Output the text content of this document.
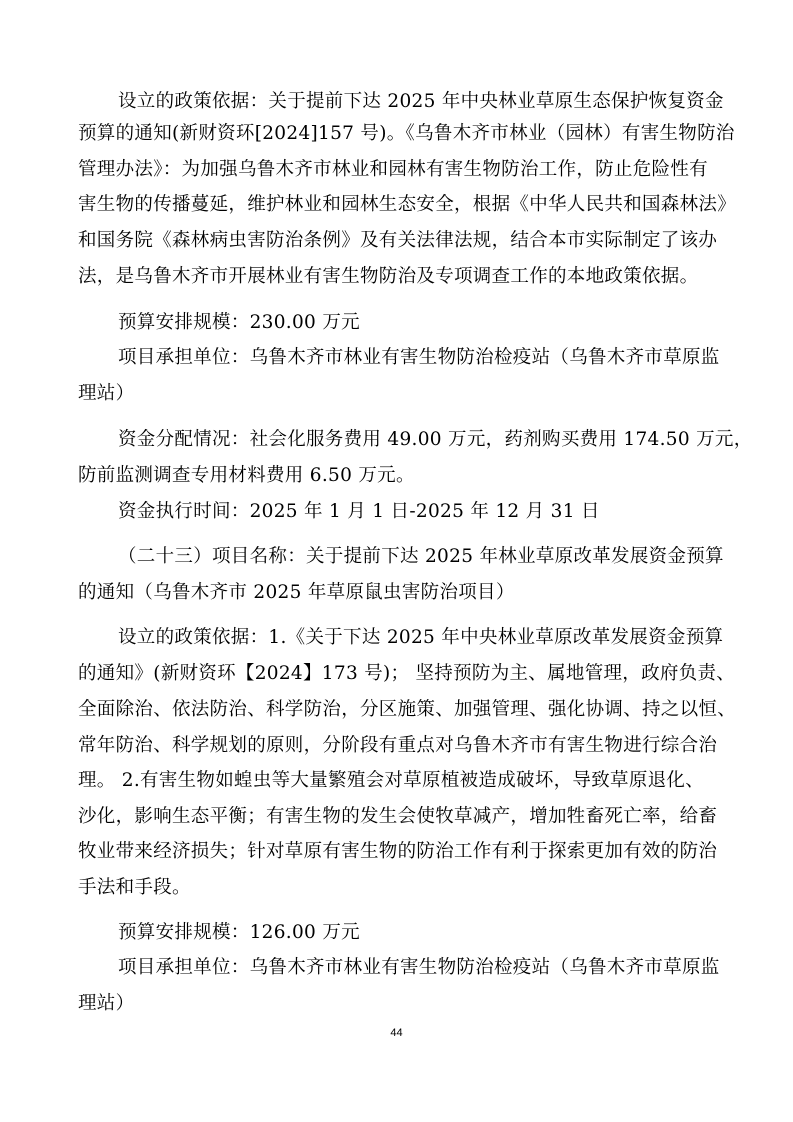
设立的政策依据：关于提前下达 2025 年中央林业草原生态保护恢复资金
预算的通知(新财资环[2024]157 号)。《乌鲁木齐市林业（园林）有害生物防治
管理办法》：为加强乌鲁木齐市林业和园林有害生物防治工作，防止危险性有
害生物的传播蔓延，维护林业和园林生态安全，根据《中华人民共和国森林法》
和国务院《森林病虫害防治条例》及有关法律法规，结合本市实际制定了该办
法，是乌鲁木齐市开展林业有害生物防治及专项调查工作的本地政策依据。
预算安排规模：230.00 万元
项目承担单位：乌鲁木齐市林业有害生物防治检疫站（乌鲁木齐市草原监
理站）
资金分配情况：社会化服务费用 49.00 万元，药剂购买费用 174.50 万元，
防前监测调查专用材料费用 6.50 万元。
资金执行时间：2025 年 1 月 1 日-2025 年 12 月 31 日
（二十三）项目名称：关于提前下达 2025 年林业草原改革发展资金预算
的通知（乌鲁木齐市 2025 年草原鼠虫害防治项目）
设立的政策依据：1.《关于下达 2025 年中央林业草原改革发展资金预算
的通知》(新财资环【2024】173 号)； 坚持预防为主、属地管理，政府负责、
全面除治、依法防治、科学防治，分区施策、加强管理、强化协调、持之以恒、
常年防治、科学规划的原则，分阶段有重点对乌鲁木齐市有害生物进行综合治
理。 2.有害生物如蝗虫等大量繁殖会对草原植被造成破坏，导致草原退化、
沙化，影响生态平衡；有害生物的发生会使牧草减产，增加牲畜死亡率，给畜
牧业带来经济损失；针对草原有害生物的防治工作有利于探索更加有效的防治
手法和手段。
预算安排规模：126.00 万元
项目承担单位：乌鲁木齐市林业有害生物防治检疫站（乌鲁木齐市草原监
理站）
44
